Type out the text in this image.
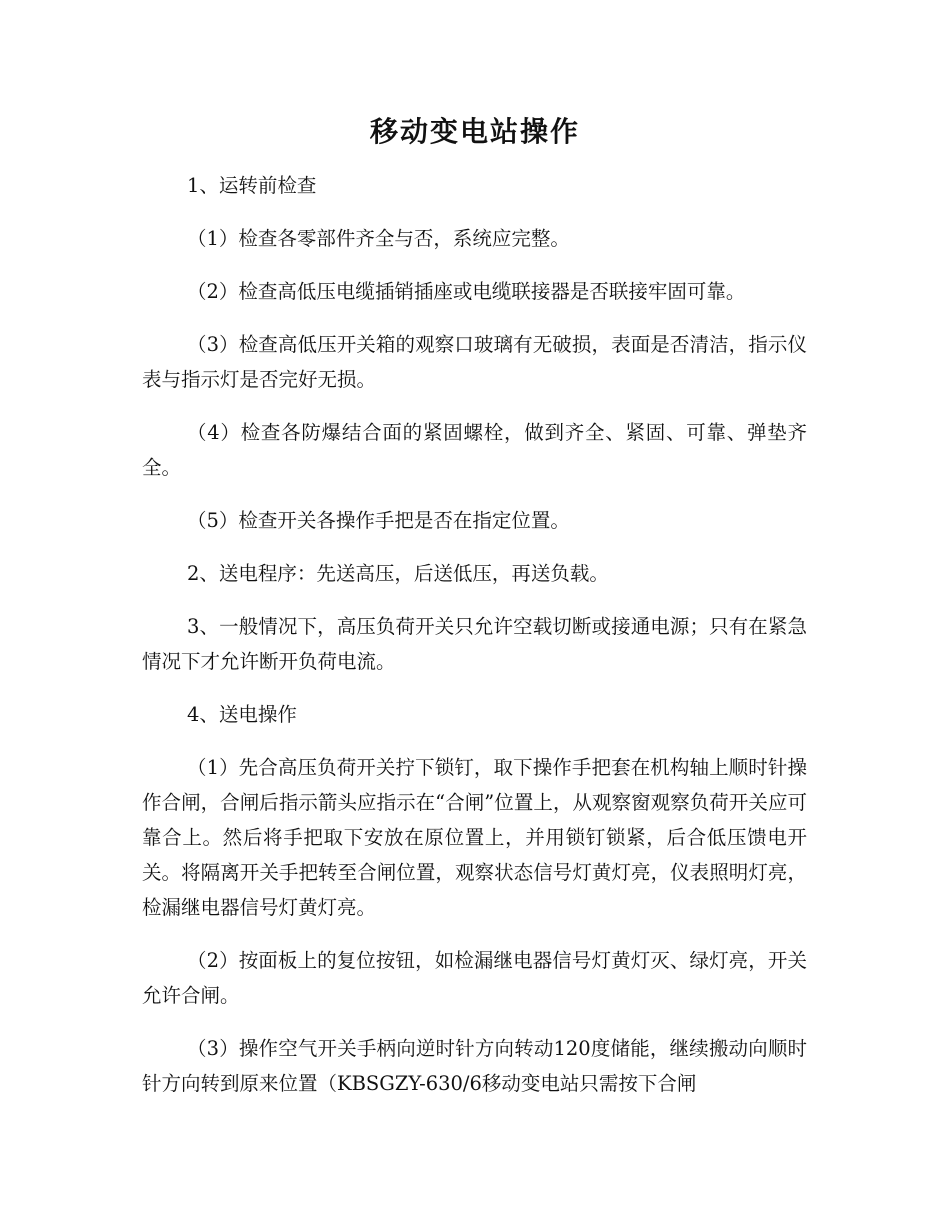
移动变电站操作

1、运转前检查

（1）检查各零部件齐全与否，系统应完整。

（2）检查高低压电缆插销插座或电缆联接器是否联接牢固可靠。

（3）检查高低压开关箱的观察口玻璃有无破损，表面是否清洁，指示仪表与指示灯是否完好无损。

（4）检查各防爆结合面的紧固螺栓，做到齐全、紧固、可靠、弹垫齐全。

（5）检查开关各操作手把是否在指定位置。

2、送电程序：先送高压，后送低压，再送负载。

3、一般情况下，高压负荷开关只允许空载切断或接通电源；只有在紧急情况下才允许断开负荷电流。

4、送电操作

（1）先合高压负荷开关拧下锁钉，取下操作手把套在机构轴上顺时针操作合闸，合闸后指示箭头应指示在“合闸”位置上，从观察窗观察负荷开关应可靠合上。然后将手把取下安放在原位置上，并用锁钉锁紧，后合低压馈电开关。将隔离开关手把转至合闸位置，观察状态信号灯黄灯亮，仪表照明灯亮，检漏继电器信号灯黄灯亮。

（2）按面板上的复位按钮，如检漏继电器信号灯黄灯灭、绿灯亮，开关允许合闸。

（3）操作空气开关手柄向逆时针方向转动120度储能，继续搬动向顺时针方向转到原来位置（KBSGZY-630/6移动变电站只需按下合闸
